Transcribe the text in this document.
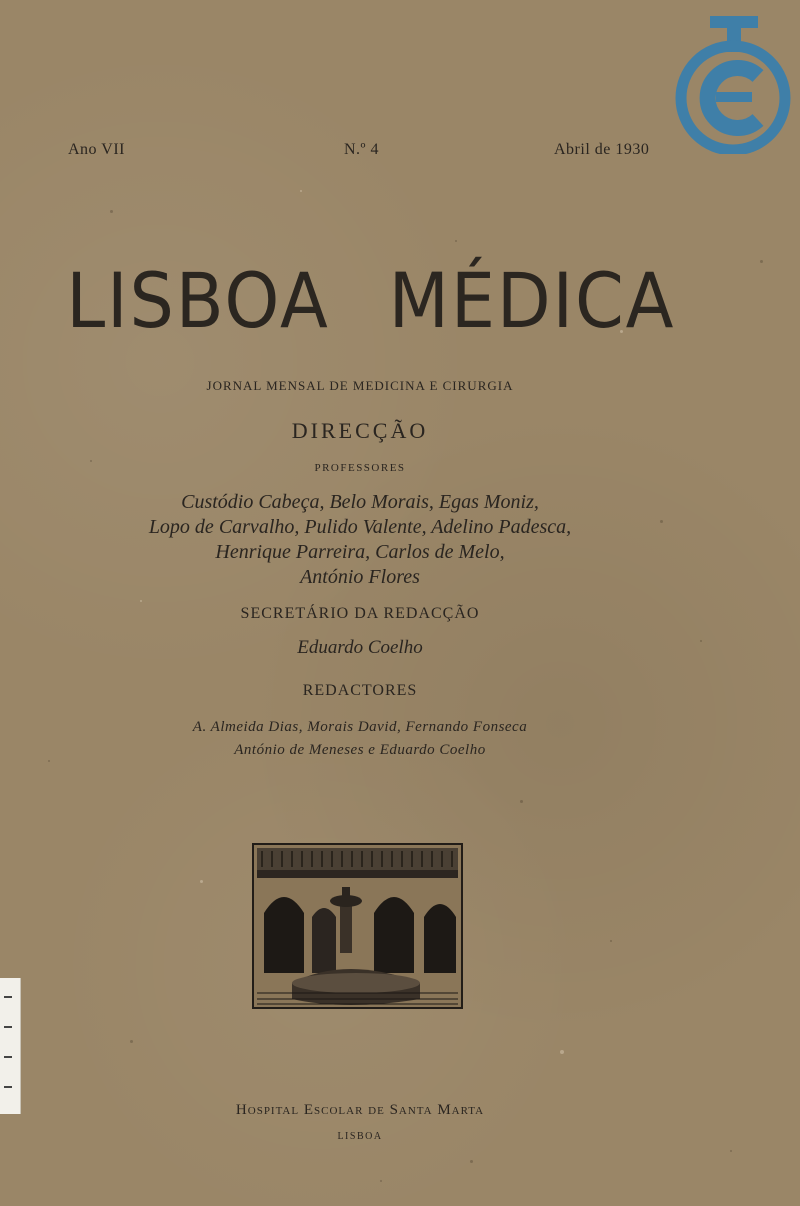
Ano VII	N.º 4	Abril de 1930
LISBOA MÉDICA
JORNAL MENSAL DE MEDICINA E CIRURGIA
DIRECÇÃO
PROFESSORES
Custódio Cabeça, Belo Morais, Egas Moniz,
Lopo de Carvalho, Pulido Valente, Adelino Padesca,
Henrique Parreira, Carlos de Melo,
António Flores
SECRETÁRIO DA REDACÇÃO
Eduardo Coelho
REDACTORES
A. Almeida Dias, Morais David, Fernando Fonseca
António de Meneses e Eduardo Coelho
Hospital Escolar de Santa Marta
LISBOA
